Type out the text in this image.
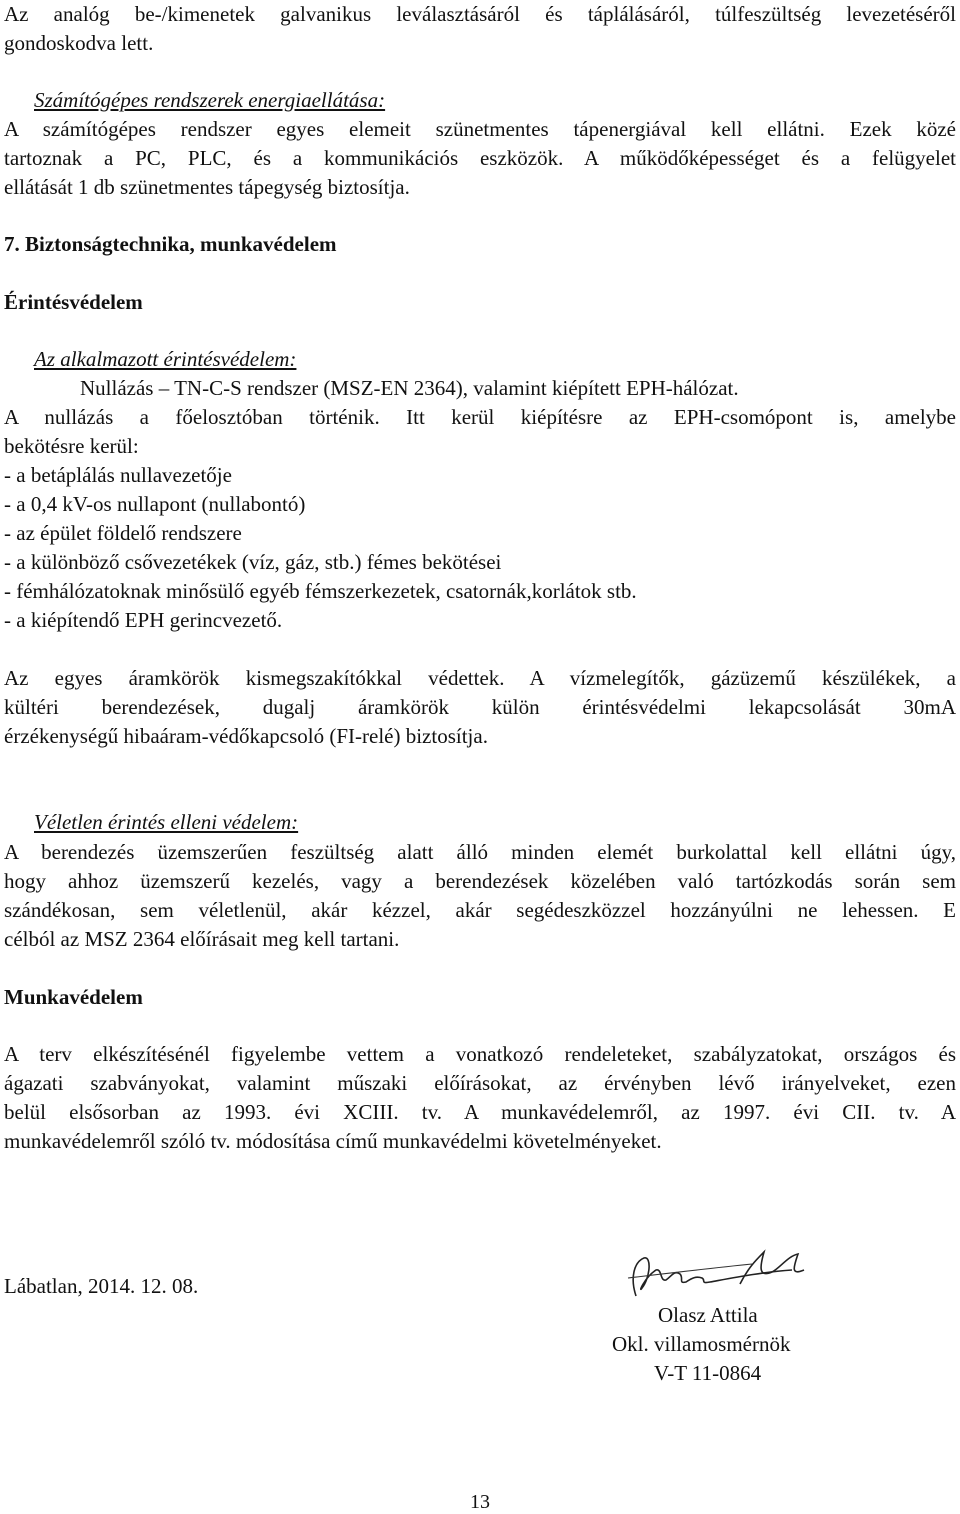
Az analóg be-/kimenetek galvanikus leválasztásáról és táplálásáról, túlfeszültség levezetéséről
gondoskodva lett.
Számítógépes rendszerek energiaellátása:
A számítógépes rendszer egyes elemeit szünetmentes tápenergiával kell ellátni. Ezek közé
tartoznak a PC, PLC, és a kommunikációs eszközök. A működőképességet és a felügyelet
ellátását 1 db szünetmentes tápegység biztosítja.
7. Biztonságtechnika, munkavédelem
Érintésvédelem
Az alkalmazott érintésvédelem:
Nullázás – TN-C-S rendszer (MSZ-EN 2364), valamint kiépített EPH-hálózat.
A nullázás a főelosztóban történik. Itt kerül kiépítésre az EPH-csomópont is, amelybe
bekötésre kerül:
- a betáplálás nullavezetője
- a 0,4 kV-os nullapont (nullabontó)
- az épület földelő rendszere
- a különböző csővezetékek (víz, gáz, stb.) fémes bekötései
- fémhálózatoknak minősülő egyéb fémszerkezetek, csatornák,korlátok stb.
- a kiépítendő EPH gerincvezető.
Az egyes áramkörök kismegszakítókkal védettek. A vízmelegítők, gázüzemű készülékek, a
kültéri berendezések, dugalj áramkörök külön érintésvédelmi lekapcsolását 30mA
érzékenységű hibaáram-védőkapcsoló (FI-relé) biztosítja.
Véletlen érintés elleni védelem:
A berendezés üzemszerűen feszültség alatt álló minden elemét burkolattal kell ellátni úgy,
hogy ahhoz üzemszerű kezelés, vagy a berendezések közelében való tartózkodás során sem
szándékosan, sem véletlenül, akár kézzel, akár segédeszközzel hozzányúlni ne lehessen. E
célból az MSZ 2364 előírásait meg kell tartani.
Munkavédelem
A terv elkészítésénél figyelembe vettem a vonatkozó rendeleteket, szabályzatokat, országos és
ágazati szabványokat, valamint műszaki előírásokat, az érvényben lévő irányelveket, ezen
belül elsősorban az 1993. évi XCIII. tv. A munkavédelemről, az 1997. évi CII. tv. A
munkavédelemről szóló tv. módosítása című munkavédelmi követelményeket.
Lábatlan, 2014. 12. 08.
Olasz Attila
Okl. villamosmérnök
V-T 11-0864
13
